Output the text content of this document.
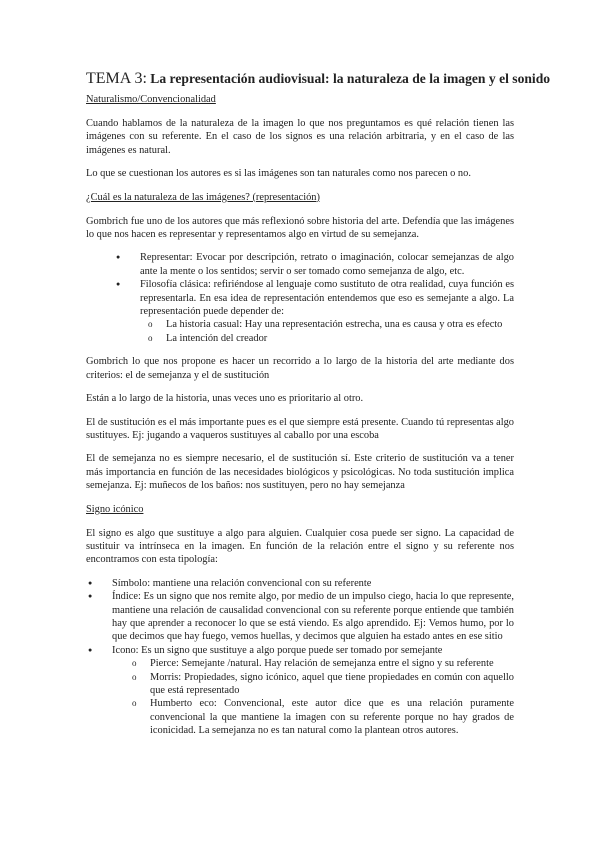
TEMA 3: La representación audiovisual: la naturaleza de la imagen y el sonido
Naturalismo/Convencionalidad

Cuando hablamos de la naturaleza de la imagen lo que nos preguntamos es qué relación tienen las imágenes con su referente. En el caso de los signos es una relación arbitraria, y en el caso de las imágenes es natural.

Lo que se cuestionan los autores es si las imágenes son tan naturales como nos parecen o no.

¿Cuál es la naturaleza de las imágenes? (representación)

Gombrich fue uno de los autores que más reflexionó sobre historia del arte. Defendía que las imágenes lo que nos hacen es representar y representamos algo en virtud de su semejanza.

● Representar: Evocar por descripción, retrato o imaginación, colocar semejanzas de algo ante la mente o los sentidos; servir o ser tomado como semejanza de algo, etc.
● Filosofía clásica: refiriéndose al lenguaje como sustituto de otra realidad, cuya función es representarla. En esa idea de representación entendemos que eso es semejante a algo. La representación puede depender de:
o La historia casual: Hay una representación estrecha, una es causa y otra es efecto
o La intención del creador

Gombrich lo que nos propone es hacer un recorrido a lo largo de la historia del arte mediante dos criterios: el de semejanza y el de sustitución

Están a lo largo de la historia, unas veces uno es prioritario al otro.

El de sustitución es el más importante pues es el que siempre está presente. Cuando tú representas algo sustituyes. Ej: jugando a vaqueros sustituyes al caballo por una escoba

El de semejanza no es siempre necesario, el de sustitución sí. Este criterio de sustitución va a tener más importancia en función de las necesidades biológicos y psicológicas. No toda sustitución implica semejanza. Ej: muñecos de los baños: nos sustituyen, pero no hay semejanza

Signo icónico

El signo es algo que sustituye a algo para alguien. Cualquier cosa puede ser signo. La capacidad de sustituir va intrínseca en la imagen. En función de la relación entre el signo y su referente nos encontramos con esta tipología:

● Símbolo: mantiene una relación convencional con su referente
● Índice: Es un signo que nos remite algo, por medio de un impulso ciego, hacia lo que represente, mantiene una relación de causalidad convencional con su referente porque entiende que también hay que aprender a reconocer lo que se está viendo. Es algo aprendido. Ej: Vemos humo, por lo que decimos que hay fuego, vemos huellas, y decimos que alguien ha estado antes en ese sitio
● Icono: Es un signo que sustituye a algo porque puede ser tomado por semejante
o Pierce: Semejante /natural. Hay relación de semejanza entre el signo y su referente
o Morris: Propiedades, signo icónico, aquel que tiene propiedades en común con aquello que está representado
o Humberto eco: Convencional, este autor dice que es una relación puramente convencional la que mantiene la imagen con su referente porque no hay grados de iconicidad. La semejanza no es tan natural como la plantean otros autores.
